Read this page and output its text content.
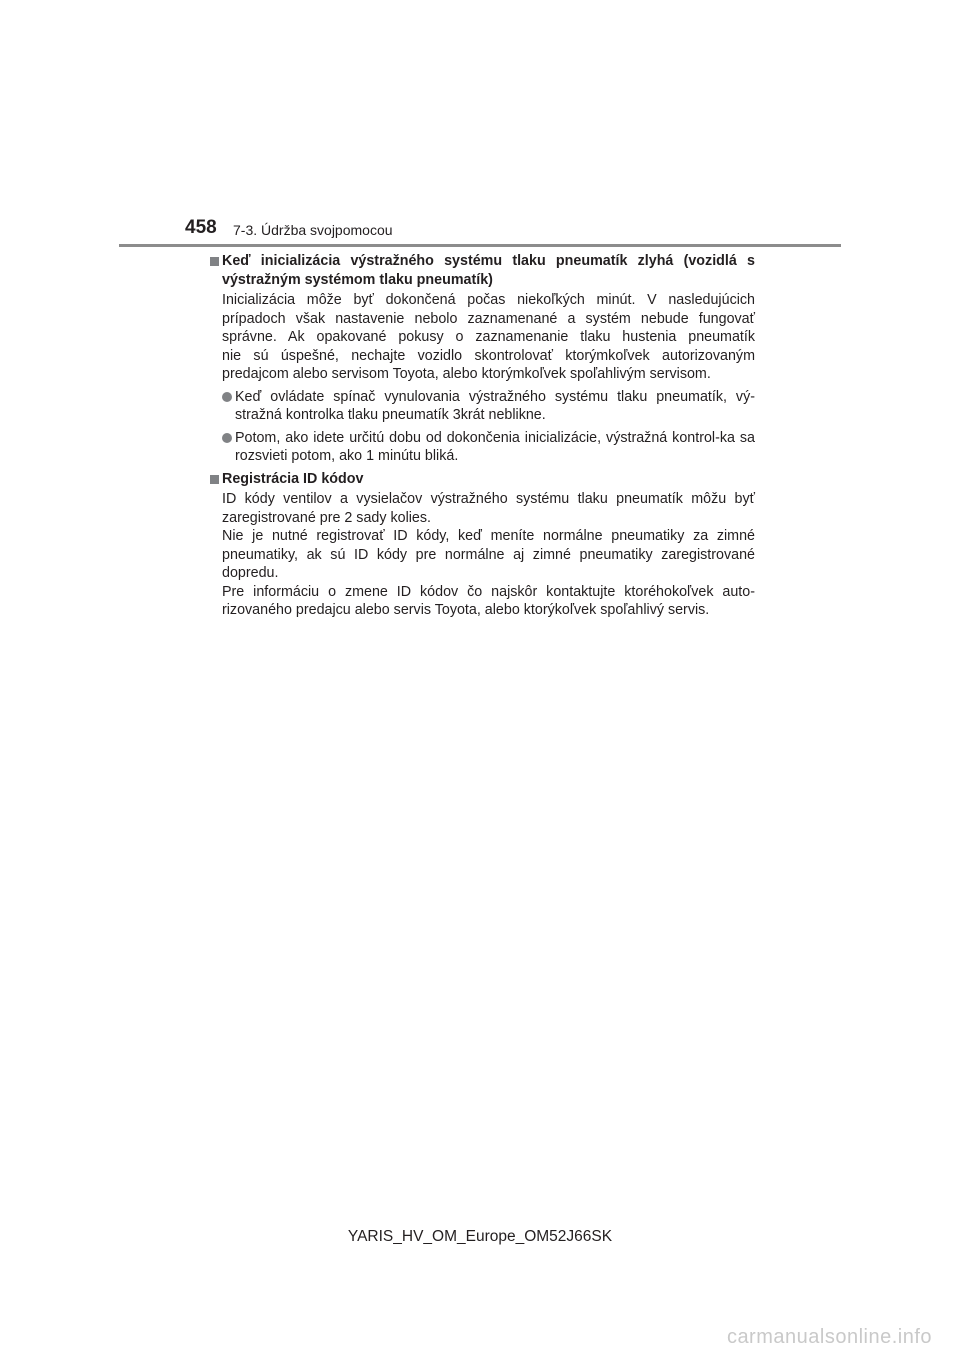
458 7-3. Údržba svojpomocou
Keď inicializácia výstražného systému tlaku pneumatík zlyhá (vozidlá s výstražným systémom tlaku pneumatík)
Inicializácia môže byť dokončená počas niekoľkých minút. V nasledujúcich
prípadoch však nastavenie nebolo zaznamenané a systém nebude fungovať
správne. Ak opakované pokusy o zaznamenanie tlaku hustenia pneumatík
nie sú úspešné, nechajte vozidlo skontrolovať ktorýmkoľvek autorizovaným
predajcom alebo servisom Toyota, alebo ktorýmkoľvek spoľahlivým servisom.
Keď ovládate spínač vynulovania výstražného systému tlaku pneumatík, vý-stražná kontrolka tlaku pneumatík 3krát neblikne.
Potom, ako idete určitú dobu od dokončenia inicializácie, výstražná kontrol-ka sa rozsvieti potom, ako 1 minútu bliká.
Registrácia ID kódov
ID kódy ventilov a vysielačov výstražného systému tlaku pneumatík môžu byť
zaregistrované pre 2 sady kolies.
Nie je nutné registrovať ID kódy, keď meníte normálne pneumatiky za zimné
pneumatiky, ak sú ID kódy pre normálne aj zimné pneumatiky zaregistrované
dopredu.
Pre informáciu o zmene ID kódov čo najskôr kontaktujte ktoréhokoľvek auto-
rizovaného predajcu alebo servis Toyota, alebo ktorýkoľvek spoľahlivý servis.
YARIS_HV_OM_Europe_OM52J66SK
carmanualsonline.info
